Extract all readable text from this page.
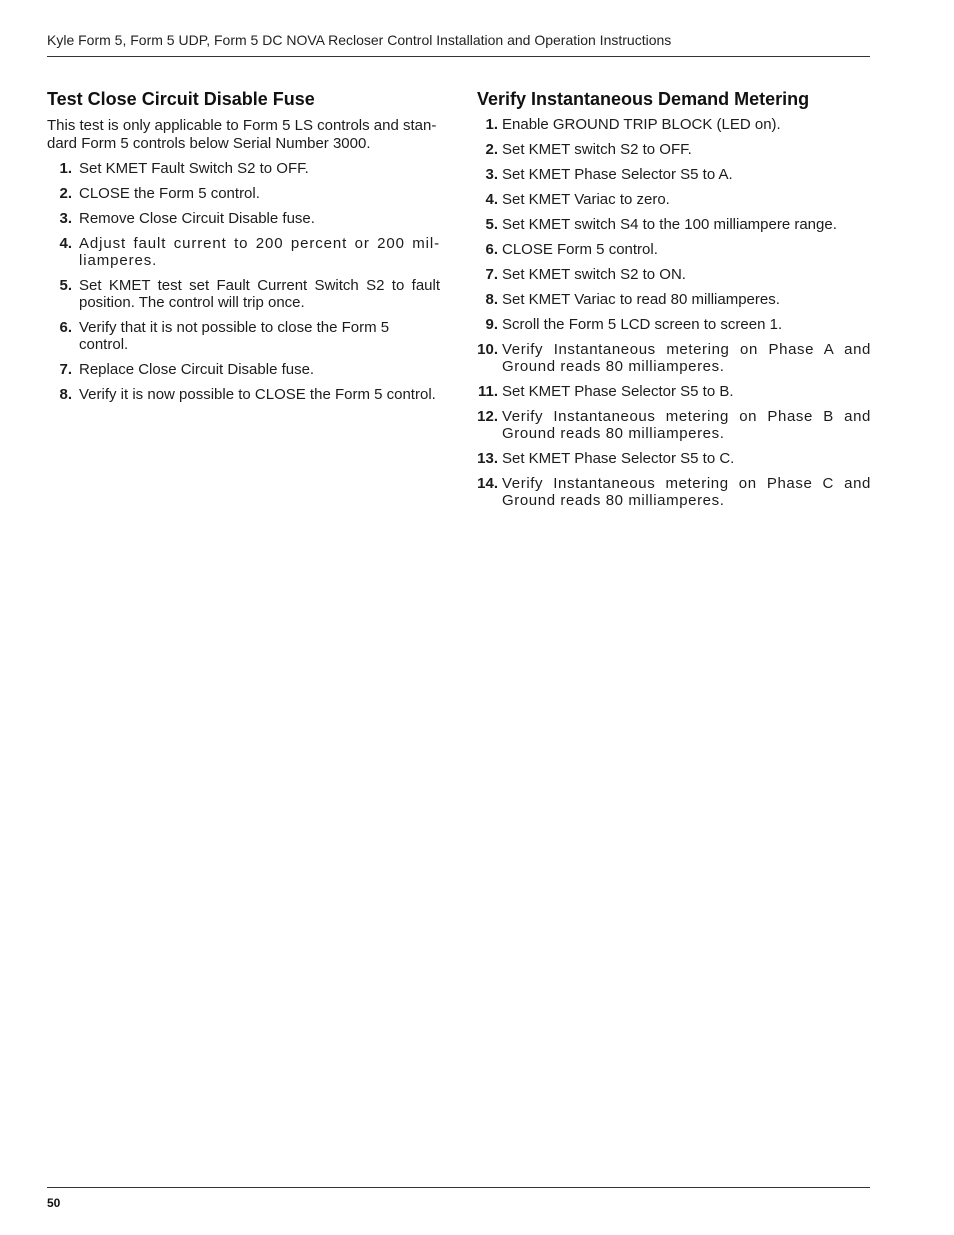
Kyle Form 5, Form 5 UDP, Form 5 DC NOVA Recloser Control Installation and Operation Instructions
Test Close Circuit Disable Fuse

This test is only applicable to Form 5 LS controls and stan-dard Form 5 controls below Serial Number 3000.

1. Set KMET Fault Switch S2 to OFF.
2. CLOSE the Form 5 control.
3. Remove Close Circuit Disable fuse.
4. Adjust fault current to 200 percent or 200 mil-liamperes.
5. Set KMET test set Fault Current Switch S2 to fault position. The control will trip once.
6. Verify that it is not possible to close the Form 5 control.
7. Replace Close Circuit Disable fuse.
8. Verify it is now possible to CLOSE the Form 5 control.
Verify Instantaneous Demand Metering
1. Enable GROUND TRIP BLOCK (LED on).
2. Set KMET switch S2 to OFF.
3. Set KMET Phase Selector S5 to A.
4. Set KMET Variac to zero.
5. Set KMET switch S4 to the 100 milliampere range.
6. CLOSE Form 5 control.
7. Set KMET switch S2 to ON.
8. Set KMET Variac to read 80 milliamperes.
9. Scroll the Form 5 LCD screen to screen 1.
10. Verify Instantaneous metering on Phase A and Ground reads 80 milliamperes.
11. Set KMET Phase Selector S5 to B.
12. Verify Instantaneous metering on Phase B and Ground reads 80 milliamperes.
13. Set KMET Phase Selector S5 to C.
14. Verify Instantaneous metering on Phase C and Ground reads 80 milliamperes.
50
